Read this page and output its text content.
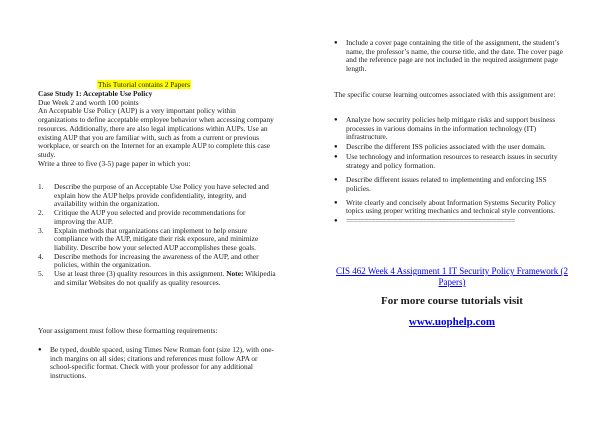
This Tutorial contains 2 Papers
Case Study 1: Acceptable Use Policy
Due Week 2 and worth 100 points
An Acceptable Use Policy (AUP) is a very important policy within organizations to define acceptable employee behavior when accessing company resources. Additionally, there are also legal implications within AUPs. Use an existing AUP that you are familiar with, such as from a current or previous workplace, or search on the Internet for an example AUP to complete this case study.
Write a three to five (3-5) page paper in which you:
1. Describe the purpose of an Acceptable Use Policy you have selected and explain how the AUP helps provide confidentiality, integrity, and availability within the organization.
2. Critique the AUP you selected and provide recommendations for improving the AUP.
3. Explain methods that organizations can implement to help ensure compliance with the AUP, mitigate their risk exposure, and minimize liability. Describe how your selected AUP accomplishes these goals.
4. Describe methods for increasing the awareness of the AUP, and other policies, within the organization.
5. Use at least three (3) quality resources in this assignment. Note: Wikipedia and similar Websites do not qualify as quality resources.
Your assignment must follow these formatting requirements:
● Be typed, double spaced, using Times New Roman font (size 12), with one-inch margins on all sides; citations and references must follow APA or school-specific format. Check with your professor for any additional instructions.
● Include a cover page containing the title of the assignment, the student’s name, the professor’s name, the course title, and the date. The cover page and the reference page are not included in the required assignment page length.
The specific course learning outcomes associated with this assignment are:
● Analyze how security policies help mitigate risks and support business processes in various domains in the information technology (IT) infrastructure.
● Describe the different ISS policies associated with the user domain.
● Use technology and information resources to research issues in security strategy and policy formation.
● Describe different issues related to implementing and enforcing ISS policies.
● Write clearly and concisely about Information Systems Security Policy topics using proper writing mechanics and technical style conventions.
● ==============================================
CIS 462 Week 4 Assignment 1 IT Security Policy Framework (2 Papers)
For more course tutorials visit
www.uophelp.com
